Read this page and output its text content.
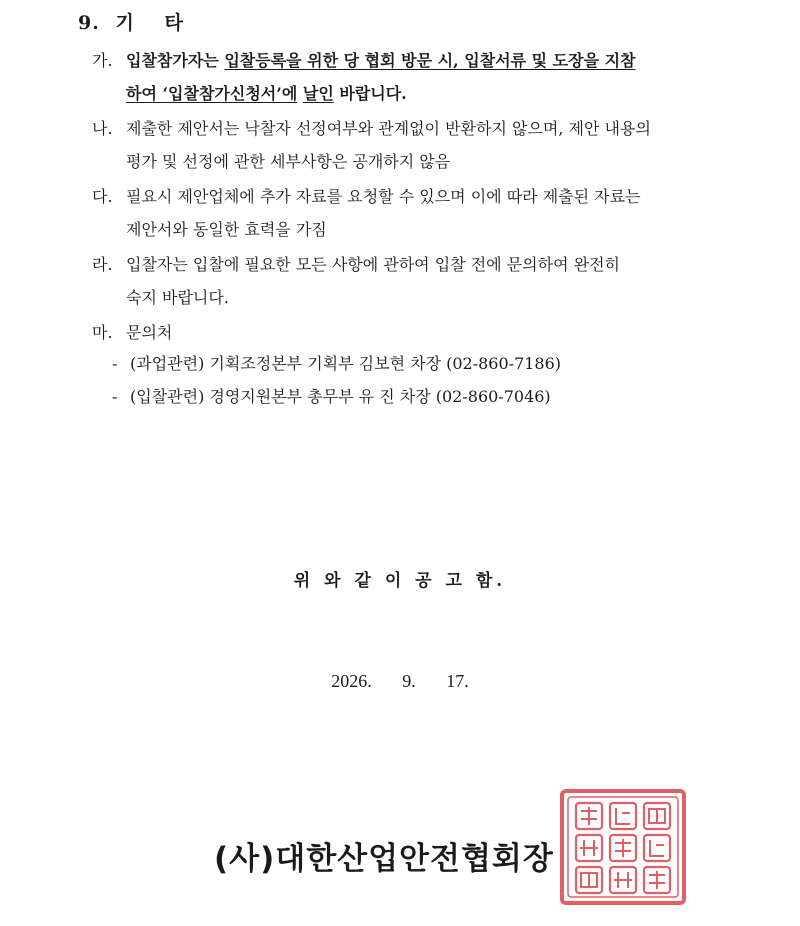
9. 기 타
가. 입찰참가자는 입찰등록을 위한 당 협회 방문 시, 입찰서류 및 도장을 지참
하여 ‘입찰참가신청서’에 날인 바랍니다.
나. 제출한 제안서는 낙찰자 선정여부와 관계없이 반환하지 않으며, 제안 내용의
평가 및 선정에 관한 세부사항은 공개하지 않음
다. 필요시 제안업체에 추가 자료를 요청할 수 있으며 이에 따라 제출된 자료는
제안서와 동일한 효력을 가짐
라. 입찰자는 입찰에 필요한 모든 사항에 관하여 입찰 전에 문의하여 완전히
숙지 바랍니다.
마. 문의처
- (과업관련) 기획조정본부 기획부 김보현 차장 (02-860-7186)
- (입찰관련) 경영지원본부 총무부 유 진 차장 (02-860-7046)
위 와 같 이 공 고 함.
2026. 9. 17.
(사)대한산업안전협회장
